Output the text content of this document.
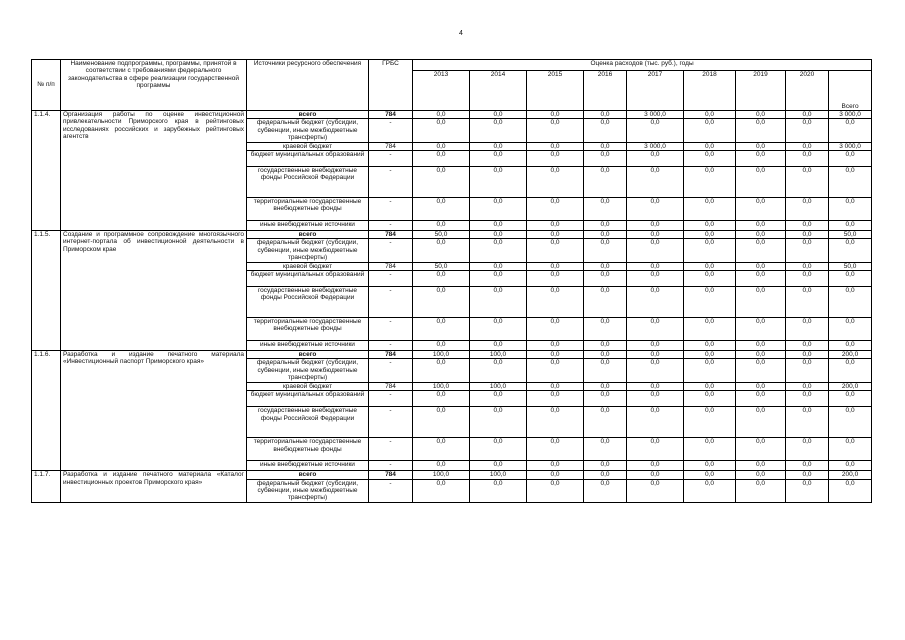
4
№ п/п	Наименование подпрограммы, программы, принятой в соответствии с требованиями федерального законодательства в сфере реализации государственной программы	Источники ресурсного обеспечения	ГРБС	Оценка расходов (тыс. руб.), годы								
				2013	2014	2015	2016	2017	2018	2019	2020	Всего
1.1.4.	Организация работы по оценке инвестиционной привлекательности Приморского края в рейтинговых исследованиях российских и зарубежных рейтинговых агентств	всего	784	0,0	0,0	0,0	0,0	3 000,0	0,0	0,0	0,0	3 000,0
		федеральный бюджет (субсидии, субвенции, иные межбюджетные трансферты)	-	0,0	0,0	0,0	0,0	0,0	0,0	0,0	0,0	0,0
		краевой бюджет	784	0,0	0,0	0,0	0,0	3 000,0	0,0	0,0	0,0	3 000,0
		бюджет муниципальных образований	-	0,0	0,0	0,0	0,0	0,0	0,0	0,0	0,0	0,0
		государственные внебюджетные фонды Российской Федерации	-	0,0	0,0	0,0	0,0	0,0	0,0	0,0	0,0	0,0
		территориальные государственные внебюджетные фонды	-	0,0	0,0	0,0	0,0	0,0	0,0	0,0	0,0	0,0
		иные внебюджетные источники	-	0,0	0,0	0,0	0,0	0,0	0,0	0,0	0,0	0,0
1.1.5.	Создание и программное сопровождение многоязычного интернет-портала об инвестиционной деятельности в Приморском крае	всего	784	50,0	0,0	0,0	0,0	0,0	0,0	0,0	0,0	50,0
		федеральный бюджет (субсидии, субвенции, иные межбюджетные трансферты)	-	0,0	0,0	0,0	0,0	0,0	0,0	0,0	0,0	0,0
		краевой бюджет	784	50,0	0,0	0,0	0,0	0,0	0,0	0,0	0,0	50,0
		бюджет муниципальных образований	-	0,0	0,0	0,0	0,0	0,0	0,0	0,0	0,0	0,0
		государственные внебюджетные фонды Российской Федерации	-	0,0	0,0	0,0	0,0	0,0	0,0	0,0	0,0	0,0
		территориальные государственные внебюджетные фонды	-	0,0	0,0	0,0	0,0	0,0	0,0	0,0	0,0	0,0
		иные внебюджетные источники	-	0,0	0,0	0,0	0,0	0,0	0,0	0,0	0,0	0,0
1.1.6.	Разработка и издание печатного материала «Инвестиционный паспорт Приморского края»	всего	784	100,0	100,0	0,0	0,0	0,0	0,0	0,0	0,0	200,0
		федеральный бюджет (субсидии, субвенции, иные межбюджетные трансферты)	-	0,0	0,0	0,0	0,0	0,0	0,0	0,0	0,0	0,0
		краевой бюджет	784	100,0	100,0	0,0	0,0	0,0	0,0	0,0	0,0	200,0
		бюджет муниципальных образований	-	0,0	0,0	0,0	0,0	0,0	0,0	0,0	0,0	0,0
		государственные внебюджетные фонды Российской Федерации	-	0,0	0,0	0,0	0,0	0,0	0,0	0,0	0,0	0,0
		территориальные государственные внебюджетные фонды	-	0,0	0,0	0,0	0,0	0,0	0,0	0,0	0,0	0,0
		иные внебюджетные источники	-	0,0	0,0	0,0	0,0	0,0	0,0	0,0	0,0	0,0
1.1.7.	Разработка и издание печатного материала «Каталог инвестиционных проектов Приморского края»	всего	784	100,0	100,0	0,0	0,0	0,0	0,0	0,0	0,0	200,0
		федеральный бюджет (субсидии, субвенции, иные межбюджетные трансферты)	-	0,0	0,0	0,0	0,0	0,0	0,0	0,0	0,0	0,0
